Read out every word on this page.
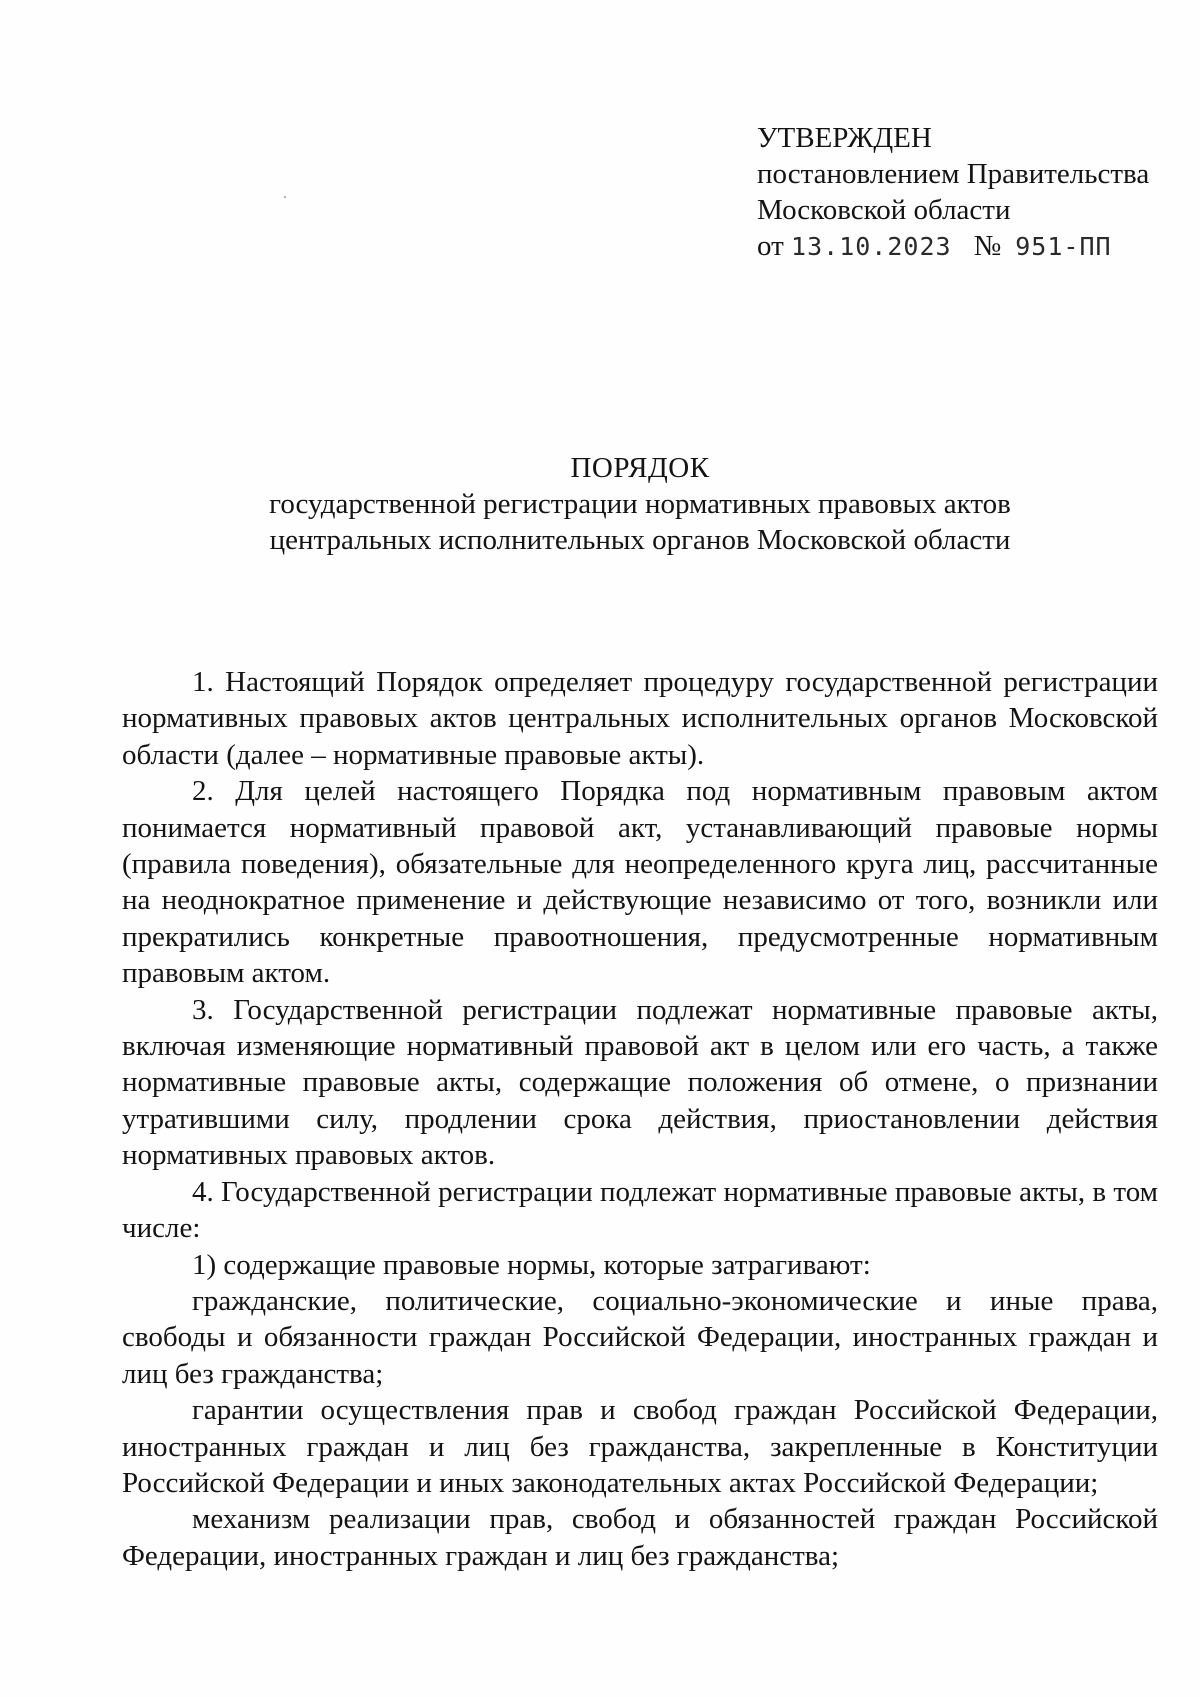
УТВЕРЖДЕН
постановлением Правительства
Московской области
от 13.10.2023 № 951-ПП
ПОРЯДОК
государственной регистрации нормативных правовых актов
центральных исполнительных органов Московской области

1. Настоящий Порядок определяет процедуру государственной регистрации нормативных правовых актов центральных исполнительных органов Московской области (далее – нормативные правовые акты).

2. Для целей настоящего Порядка под нормативным правовым актом понимается нормативный правовой акт, устанавливающий правовые нормы (правила поведения), обязательные для неопределенного круга лиц, рассчитанные на неоднократное применение и действующие независимо от того, возникли или прекратились конкретные правоотношения, предусмотренные нормативным правовым актом.

3. Государственной регистрации подлежат нормативные правовые акты, включая изменяющие нормативный правовой акт в целом или его часть, а также нормативные правовые акты, содержащие положения об отмене, о признании утратившими силу, продлении срока действия, приостановлении действия нормативных правовых актов.

4. Государственной регистрации подлежат нормативные правовые акты, в том числе:

1) содержащие правовые нормы, которые затрагивают:

гражданские, политические, социально-экономические и иные права, свободы и обязанности граждан Российской Федерации, иностранных граждан и лиц без гражданства;

гарантии осуществления прав и свобод граждан Российской Федерации, иностранных граждан и лиц без гражданства, закрепленные в Конституции Российской Федерации и иных законодательных актах Российской Федерации;

механизм реализации прав, свобод и обязанностей граждан Российской Федерации, иностранных граждан и лиц без гражданства;
